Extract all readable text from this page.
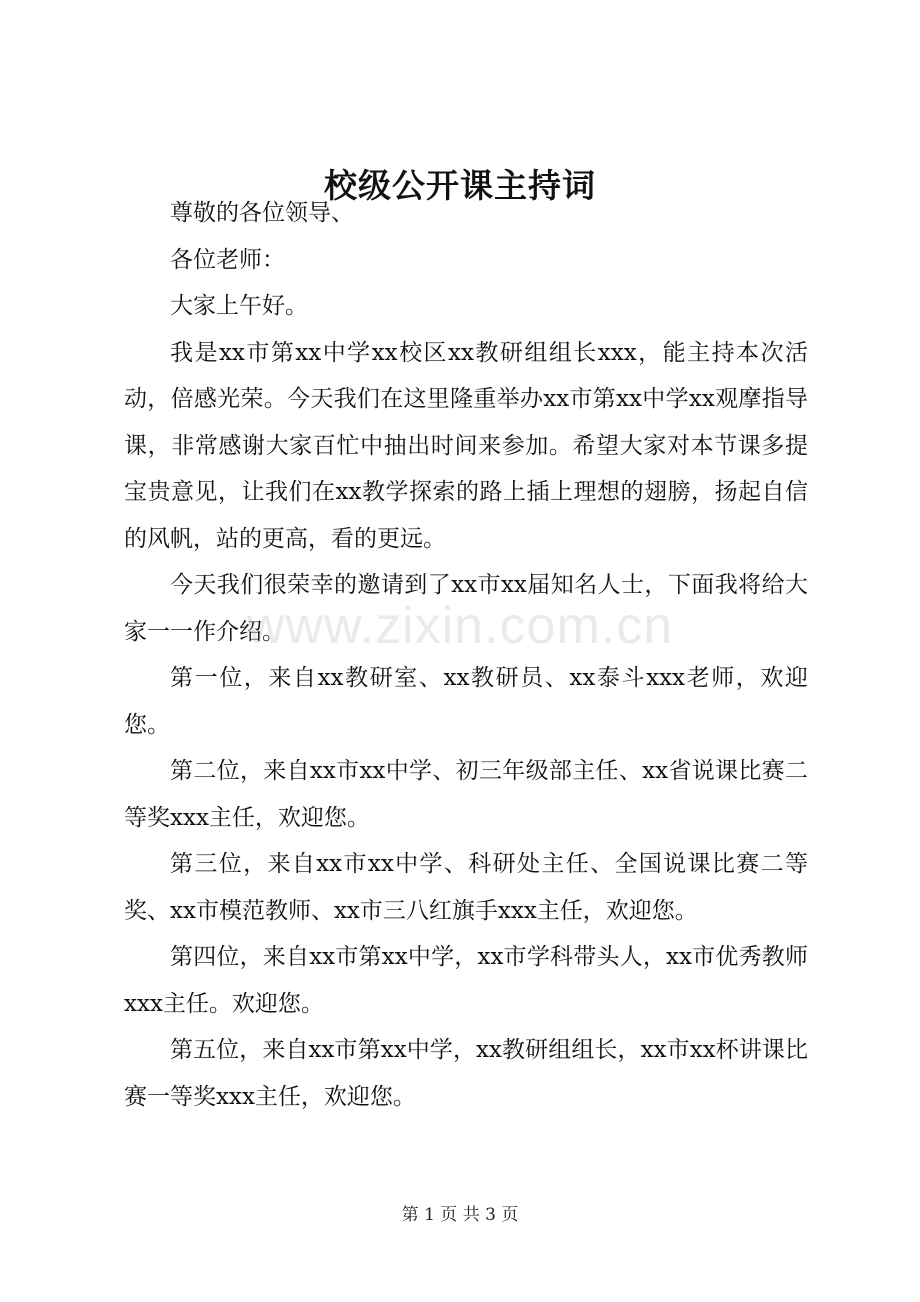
校级公开课主持词

尊敬的各位领导、

各位老师：

大家上午好。

我是xx市第xx中学xx校区xx教研组组长xxx，能主持本次活动，倍感光荣。今天我们在这里隆重举办xx市第xx中学xx观摩指导课，非常感谢大家百忙中抽出时间来参加。希望大家对本节课多提宝贵意见，让我们在xx教学探索的路上插上理想的翅膀，扬起自信的风帆，站的更高，看的更远。

今天我们很荣幸的邀请到了xx市xx届知名人士，下面我将给大家一一作介绍。

第一位，来自xx教研室、xx教研员、xx泰斗xxx老师，欢迎您。

第二位，来自xx市xx中学、初三年级部主任、xx省说课比赛二等奖xxx主任，欢迎您。

第三位，来自xx市xx中学、科研处主任、全国说课比赛二等奖、xx市模范教师、xx市三八红旗手xxx主任，欢迎您。

第四位，来自xx市第xx中学，xx市学科带头人，xx市优秀教师xxx主任。欢迎您。

第五位，来自xx市第xx中学，xx教研组组长，xx市xx杯讲课比赛一等奖xxx主任，欢迎您。

www.zixin.com.cn
第 1 页 共 3 页
